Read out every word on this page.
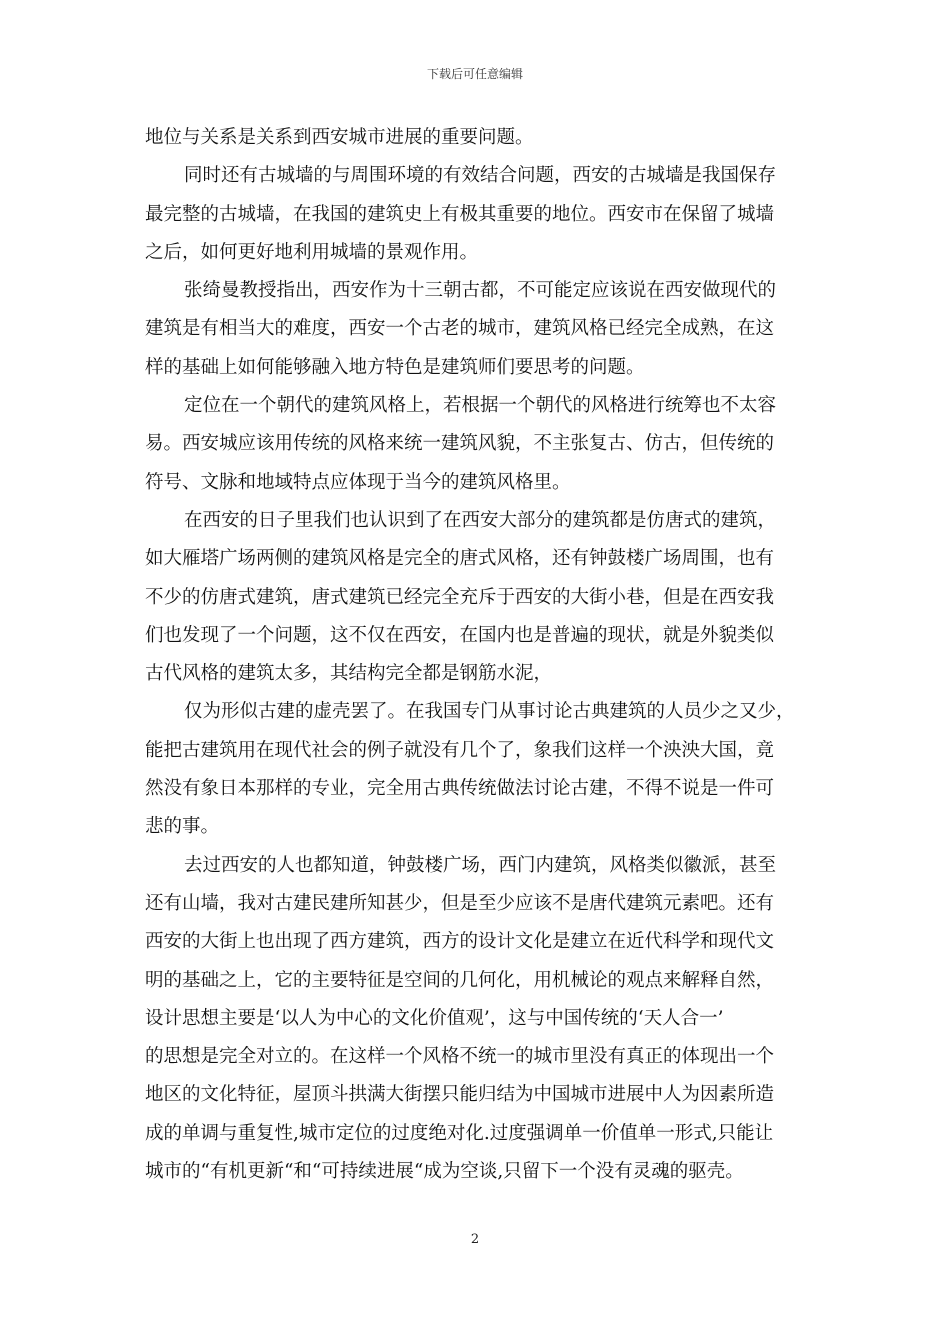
下载后可任意编辑
地位与关系是关系到西安城市进展的重要问题。
同时还有古城墙的与周围环境的有效结合问题，西安的古城墙是我国保存
最完整的古城墙，在我国的建筑史上有极其重要的地位。西安市在保留了城墙
之后，如何更好地利用城墙的景观作用。
张绮曼教授指出，西安作为十三朝古都，不可能定应该说在西安做现代的
建筑是有相当大的难度，西安一个古老的城市，建筑风格已经完全成熟，在这
样的基础上如何能够融入地方特色是建筑师们要思考的问题。
定位在一个朝代的建筑风格上，若根据一个朝代的风格进行统筹也不太容
易。西安城应该用传统的风格来统一建筑风貌，不主张复古、仿古，但传统的
符号、文脉和地域特点应体现于当今的建筑风格里。
在西安的日子里我们也认识到了在西安大部分的建筑都是仿唐式的建筑，
如大雁塔广场两侧的建筑风格是完全的唐式风格，还有钟鼓楼广场周围，也有
不少的仿唐式建筑，唐式建筑已经完全充斥于西安的大街小巷，但是在西安我
们也发现了一个问题，这不仅在西安，在国内也是普遍的现状，就是外貌类似
古代风格的建筑太多，其结构完全都是钢筋水泥，
仅为形似古建的虚壳罢了。在我国专门从事讨论古典建筑的人员少之又少，
能把古建筑用在现代社会的例子就没有几个了，象我们这样一个泱泱大国，竟
然没有象日本那样的专业，完全用古典传统做法讨论古建，不得不说是一件可
悲的事。
去过西安的人也都知道，钟鼓楼广场，西门内建筑，风格类似徽派，甚至
还有山墙，我对古建民建所知甚少，但是至少应该不是唐代建筑元素吧。还有
西安的大街上也出现了西方建筑，西方的设计文化是建立在近代科学和现代文
明的基础之上，它的主要特征是空间的几何化，用机械论的观点来解释自然，
设计思想主要是‘以人为中心的文化价值观’，这与中国传统的‘天人合一’
的思想是完全对立的。在这样一个风格不统一的城市里没有真正的体现出一个
地区的文化特征，屋顶斗拱满大街摆只能归结为中国城市进展中人为因素所造
成的单调与重复性,城市定位的过度绝对化.过度强调单一价值单一形式,只能让
城市的“有机更新“和“可持续进展“成为空谈,只留下一个没有灵魂的驱壳。
2
